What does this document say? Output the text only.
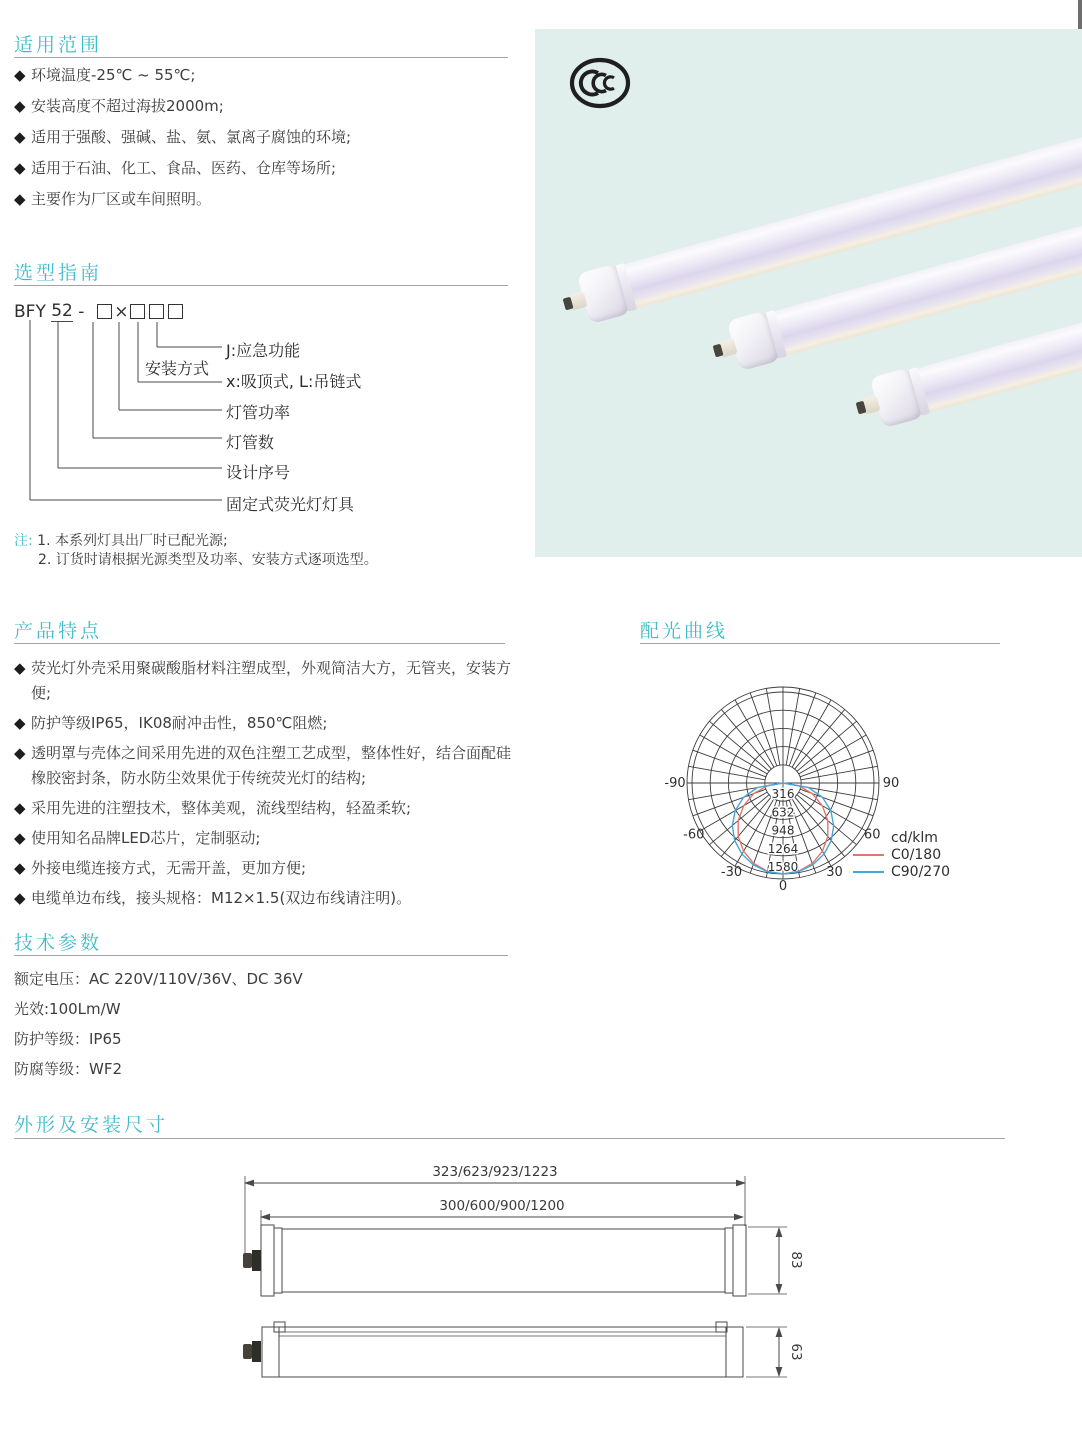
适用范围
◆ 环境温度-25℃ ~ 55℃;
◆ 安装高度不超过海拔2000m;
◆ 适用于强酸、强碱、盐、氨、氯离子腐蚀的环境;
◆ 适用于石油、化工、食品、医药、仓库等场所;
◆ 主要作为厂区或车间照明。
选型指南
BFY
52
-
×
J:应急功能
安装方式
x:吸顶式, L:吊链式
灯管功率
灯管数
设计序号
固定式荧光灯灯具
注: 1. 本系列灯具出厂时已配光源;
2. 订货时请根据光源类型及功率、安装方式逐项选型。
产品特点
◆ 荧光灯外壳采用聚碳酸脂材料注塑成型，外观简洁大方，无管夹，安装方便;
◆ 防护等级IP65，IK08耐冲击性，850℃阻燃;
◆ 透明罩与壳体之间采用先进的双色注塑工艺成型，整体性好，结合面配硅橡胶密封条，防水防尘效果优于传统荧光灯的结构;
◆ 采用先进的注塑技术，整体美观，流线型结构，轻盈柔软;
◆ 使用知名品牌LED芯片，定制驱动;
◆ 外接电缆连接方式，无需开盖，更加方便;
◆ 电缆单边布线，接头规格：M12×1.5(双边布线请注明)。
配光曲线
-90
-60
-30
0
30
60
90
316
632
948
1264
1580
cd/klm
C0/180
C90/270
技术参数
额定电压：AC 220V/110V/36V、DC 36V
光效:100Lm/W
防护等级：IP65
防腐等级：WF2
外形及安装尺寸
323/623/923/1223
300/600/900/1200
83
63
